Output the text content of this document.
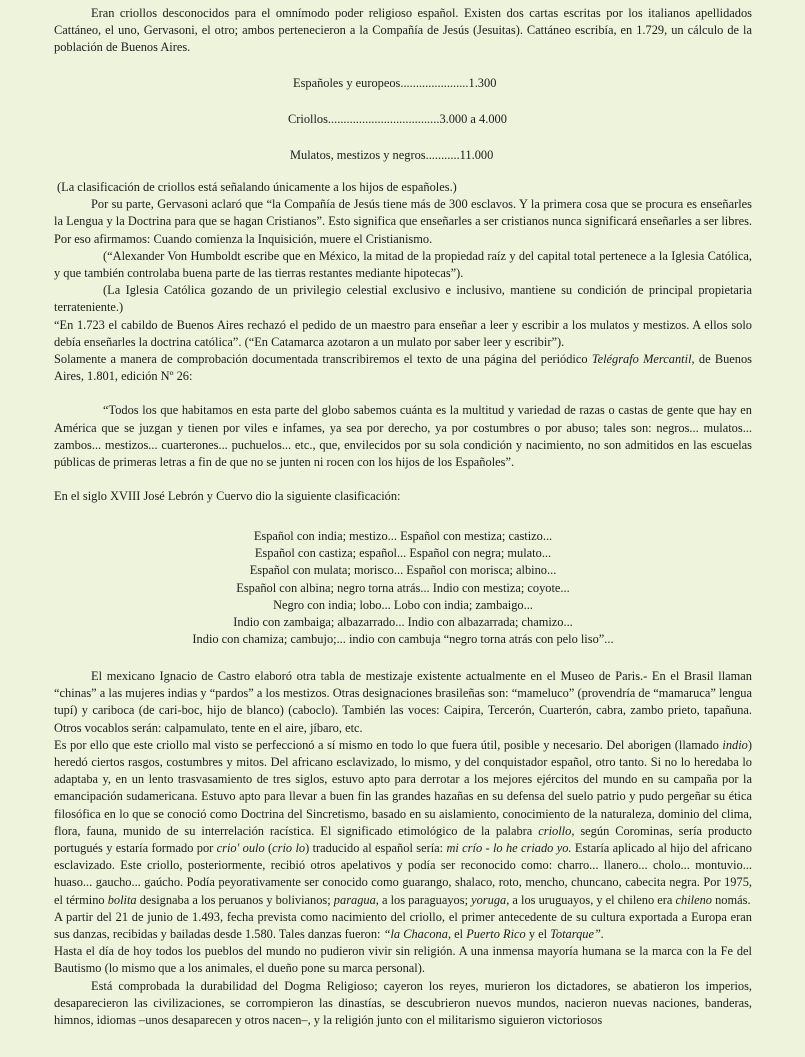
Eran criollos desconocidos para el omnímodo poder religioso español. Existen dos cartas escritas por los italianos apellidados Cattáneo, el uno, Gervasoni, el otro; ambos pertenecieron a la Compañía de Jesús (Jesuitas). Cattáneo escribía, en 1.729, un cálculo de la población de Buenos Aires.

Españoles y europeos......................1.300
Criollos....................................3.000 a 4.000
Mulatos, mestizos y negros...........11.000

(La clasificación de criollos está señalando únicamente a los hijos de españoles.)

Por su parte, Gervasoni aclaró que “la Compañía de Jesús tiene más de 300 esclavos. Y la primera cosa que se procura es enseñarles la Lengua y la Doctrina para que se hagan Cristianos”. Esto significa que enseñarles a ser cristianos nunca significará enseñarles a ser libres. Por eso afirmamos: Cuando comienza la Inquisición, muere el Cristianismo.

(“Alexander Von Humboldt escribe que en México, la mitad de la propiedad raíz y del capital total pertenece a la Iglesia Católica, y que también controlaba buena parte de las tierras restantes mediante hipotecas”).

(La Iglesia Católica gozando de un privilegio celestial exclusivo e inclusivo, mantiene su condición de principal propietaria terrateniente.)

“En 1.723 el cabildo de Buenos Aires rechazó el pedido de un maestro para enseñar a leer y escribir a los mulatos y mestizos. A ellos solo debía enseñarles la doctrina católica”. (“En Catamarca azotaron a un mulato por saber leer y escribir”).

Solamente a manera de comprobación documentada transcribiremos el texto de una página del periódico Telégrafo Mercantil, de Buenos Aires, 1.801, edición Nº 26:

“Todos los que habitamos en esta parte del globo sabemos cuánta es la multitud y variedad de razas o castas de gente que hay en América que se juzgan y tienen por viles e infames, ya sea por derecho, ya por costumbres o por abuso; tales son: negros... mulatos... zambos... mestizos... cuarterones... puchuelos... etc., que, envilecidos por su sola condición y nacimiento, no son admitidos en las escuelas públicas de primeras letras a fin de que no se junten ni rocen con los hijos de los Españoles”.

En el siglo XVIII José Lebrón y Cuervo dio la siguiente clasificación:

Español con india; mestizo... Español con mestiza; castizo...
Español con castiza; español... Español con negra; mulato...
Español con mulata; morisco... Español con morisca; albino...
Español con albina; negro torna atrás... Indio con mestiza; coyote...
Negro con india; lobo... Lobo con india; zambaigo...
Indio con zambaiga; albazarrado... Indio con albazarrada; chamizo...
Indio con chamiza; cambujo;... indio con cambuja “negro torna atrás con pelo liso”...

El mexicano Ignacio de Castro elaboró otra tabla de mestizaje existente actualmente en el Museo de Paris.- En el Brasil llaman “chinas” a las mujeres indias y “pardos” a los mestizos. Otras designaciones brasileñas son: “mameluco” (provendría de “mamaruca” lengua tupí) y cariboca (de cari-boc, hijo de blanco) (caboclo). También las voces: Caipira, Tercerón, Cuarterón, cabra, zambo prieto, tapañuna. Otros vocablos serán: calpamulato, tente en el aire, jíbaro, etc.

Es por ello que este criollo mal visto se perfeccionó a sí mismo en todo lo que fuera útil, posible y necesario. Del aborigen (llamado indio) heredó ciertos rasgos, costumbres y mitos. Del africano esclavizado, lo mismo, y del conquistador español, otro tanto. Si no lo heredaba lo adaptaba y, en un lento trasvasamiento de tres siglos, estuvo apto para derrotar a los mejores ejércitos del mundo en su campaña por la emancipación sudamericana. Estuvo apto para llevar a buen fin las grandes hazañas en su defensa del suelo patrio y pudo pergeñar su ética filosófica en lo que se conoció como Doctrina del Sincretismo, basado en su aislamiento, conocimiento de la naturaleza, dominio del clima, flora, fauna, munido de su interrelación racística. El significado etimológico de la palabra criollo, según Corominas, sería producto portugués y estaría formado por crio' oulo (crio lo) traducido al español sería: mi crío - lo he criado yo. Estaría aplicado al hijo del africano esclavizado. Este criollo, posteriormente, recibió otros apelativos y podía ser reconocido como: charro... llanero... cholo... montuvio... huaso... gaucho... gaúcho. Podía peyorativamente ser conocido como guarango, shalaco, roto, mencho, chuncano, cabecita negra. Por 1975, el término bolita designaba a los peruanos y bolivianos; paragua, a los paraguayos; yoruga, a los uruguayos, y el chileno era chileno nomás.

A partir del 21 de junio de 1.493, fecha prevista como nacimiento del criollo, el primer antecedente de su cultura exportada a Europa eran sus danzas, recibidas y bailadas desde 1.580. Tales danzas fueron: “la Chacona, el Puerto Rico y el Totarque”.

Hasta el día de hoy todos los pueblos del mundo no pudieron vivir sin religión. A una inmensa mayoría humana se la marca con la Fe del Bautismo (lo mismo que a los animales, el dueño pone su marca personal).

Está comprobada la durabilidad del Dogma Religioso; cayeron los reyes, murieron los dictadores, se abatieron los imperios, desaparecieron las civilizaciones, se corrompieron las dinastías, se descubrieron nuevos mundos, nacieron nuevas naciones, banderas, himnos, idiomas –unos desaparecen y otros nacen–, y la religión junto con el militarismo siguieron victoriosos
